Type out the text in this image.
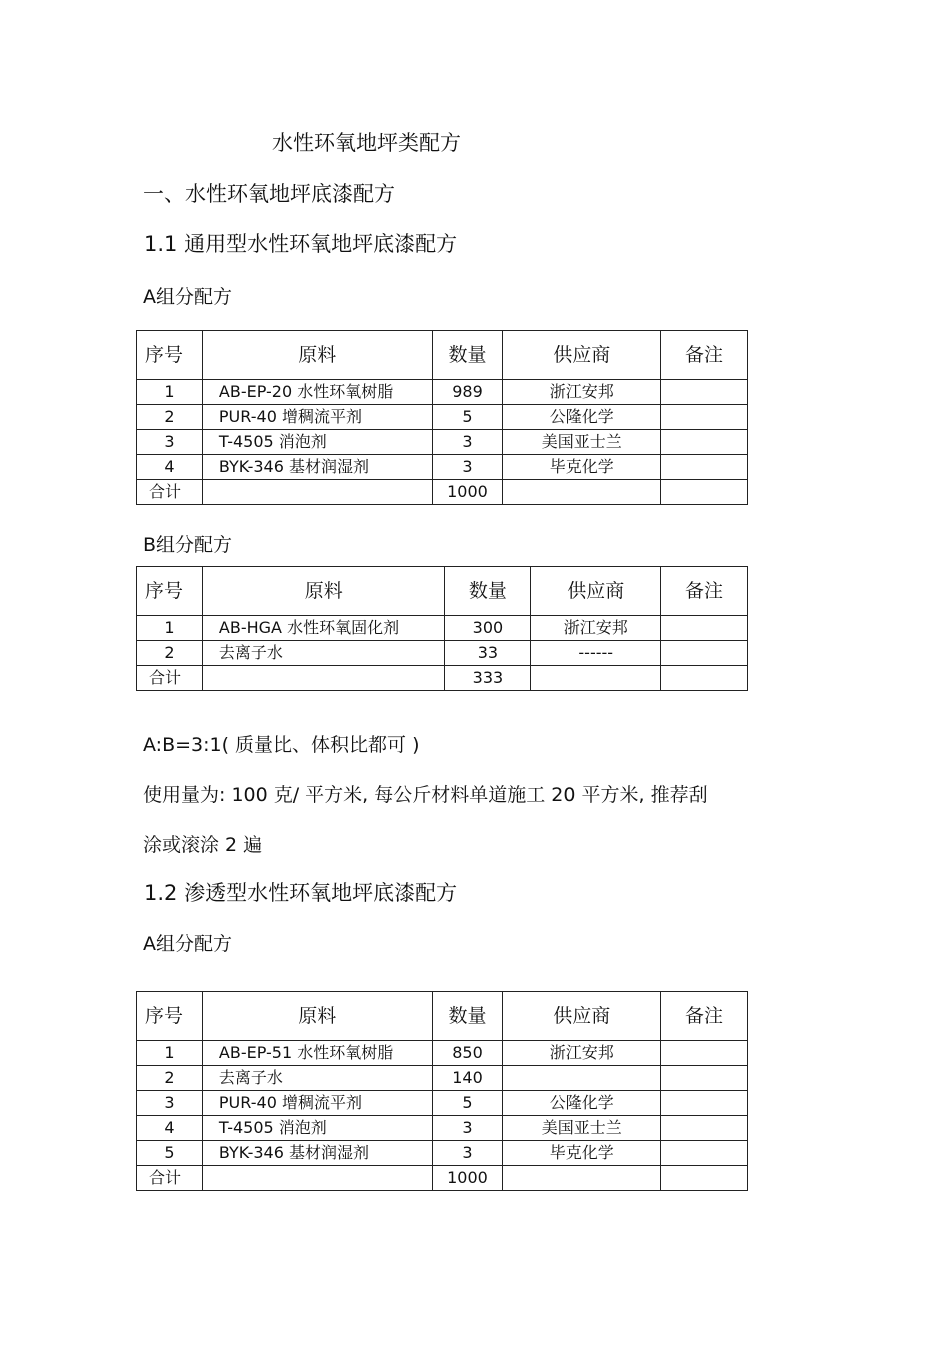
水性环氧地坪类配方
一、水性环氧地坪底漆配方
1.1 通用型水性环氧地坪底漆配方
A组分配方
序号	原料	数量	供应商	备注
1	AB-EP-20 水性环氧树脂	989	浙江安邦	
2	PUR-40 增稠流平剂	5	公隆化学	
3	T-4505 消泡剂	3	美国亚士兰	
4	BYK-346 基材润湿剂	3	毕克化学	
合计		1000		
B组分配方
序号	原料	数量	供应商	备注
1	AB-HGA 水性环氧固化剂	300	浙江安邦	
2	去离子水	33	------	
合计		333		
A:B=3:1( 质量比、体积比都可 )
使用量为: 100 克/ 平方米, 每公斤材料单道施工 20 平方米, 推荐刮
涂或滚涂 2 遍
1.2 渗透型水性环氧地坪底漆配方
A组分配方
序号	原料	数量	供应商	备注
1	AB-EP-51 水性环氧树脂	850	浙江安邦	
2	去离子水	140		
3	PUR-40 增稠流平剂	5	公隆化学	
4	T-4505 消泡剂	3	美国亚士兰	
5	BYK-346 基材润湿剂	3	毕克化学	
合计		1000		
